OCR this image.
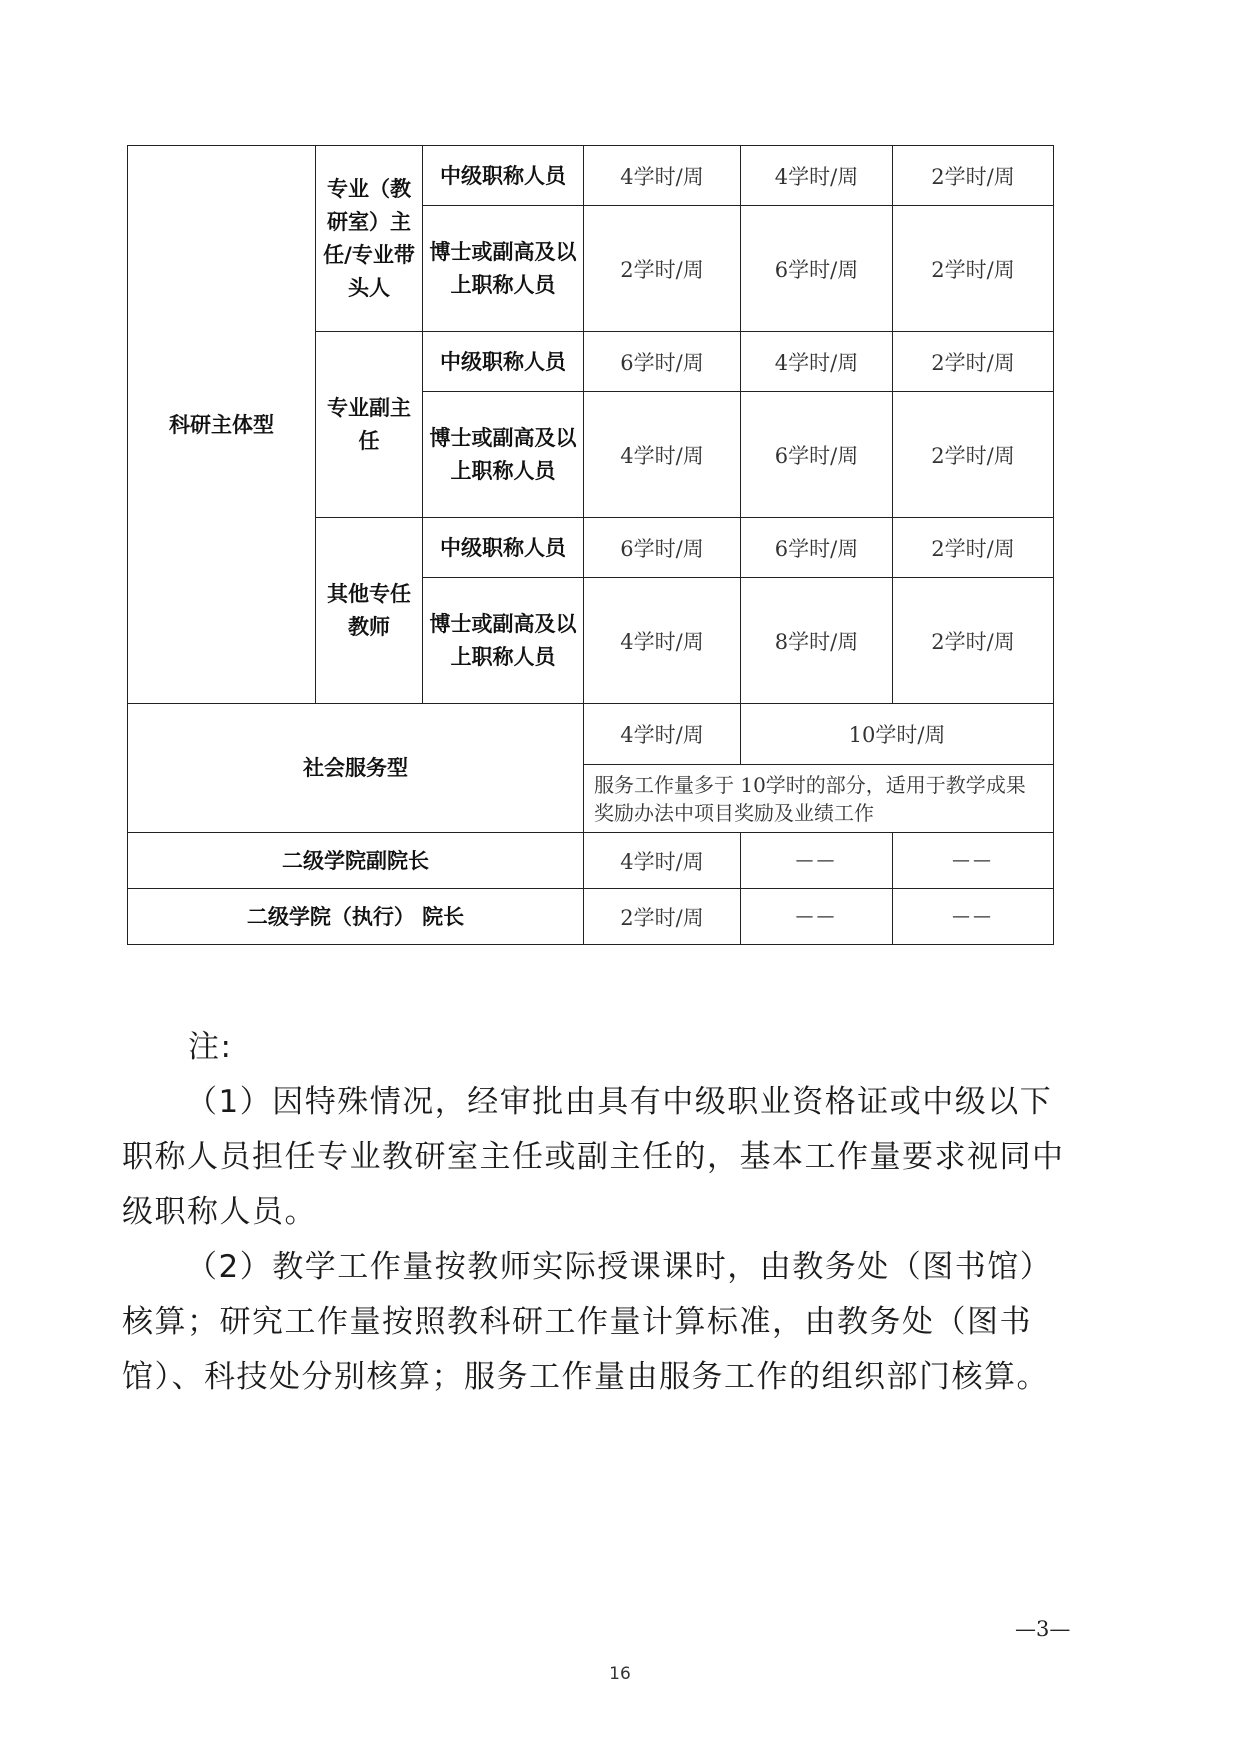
科研主体型	专业（教研室）主任/专业带头人	中级职称人员	4学时/周	4学时/周	2学时/周
		博士或副高及以上职称人员	2学时/周	6学时/周	2学时/周
	专业副主任	中级职称人员	6学时/周	4学时/周	2学时/周
		博士或副高及以上职称人员	4学时/周	6学时/周	2学时/周
	其他专任教师	中级职称人员	6学时/周	6学时/周	2学时/周
		博士或副高及以上职称人员	4学时/周	8学时/周	2学时/周
社会服务型			4学时/周	10学时/周	
			服务工作量多于 10学时的部分，适用于教学成果奖励办法中项目奖励及业绩工作		
二级学院副院长			4学时/周	——	——
二级学院（执行） 院长			2学时/周	——	——

注:

（1）因特殊情况，经审批由具有中级职业资格证或中级以下职称人员担任专业教研室主任或副主任的，基本工作量要求视同中级职称人员。

（2）教学工作量按教师实际授课课时，由教务处（图书馆）核算；研究工作量按照教科研工作量计算标准，由教务处（图书馆）、科技处分别核算；服务工作量由服务工作的组织部门核算。

—3—
16
